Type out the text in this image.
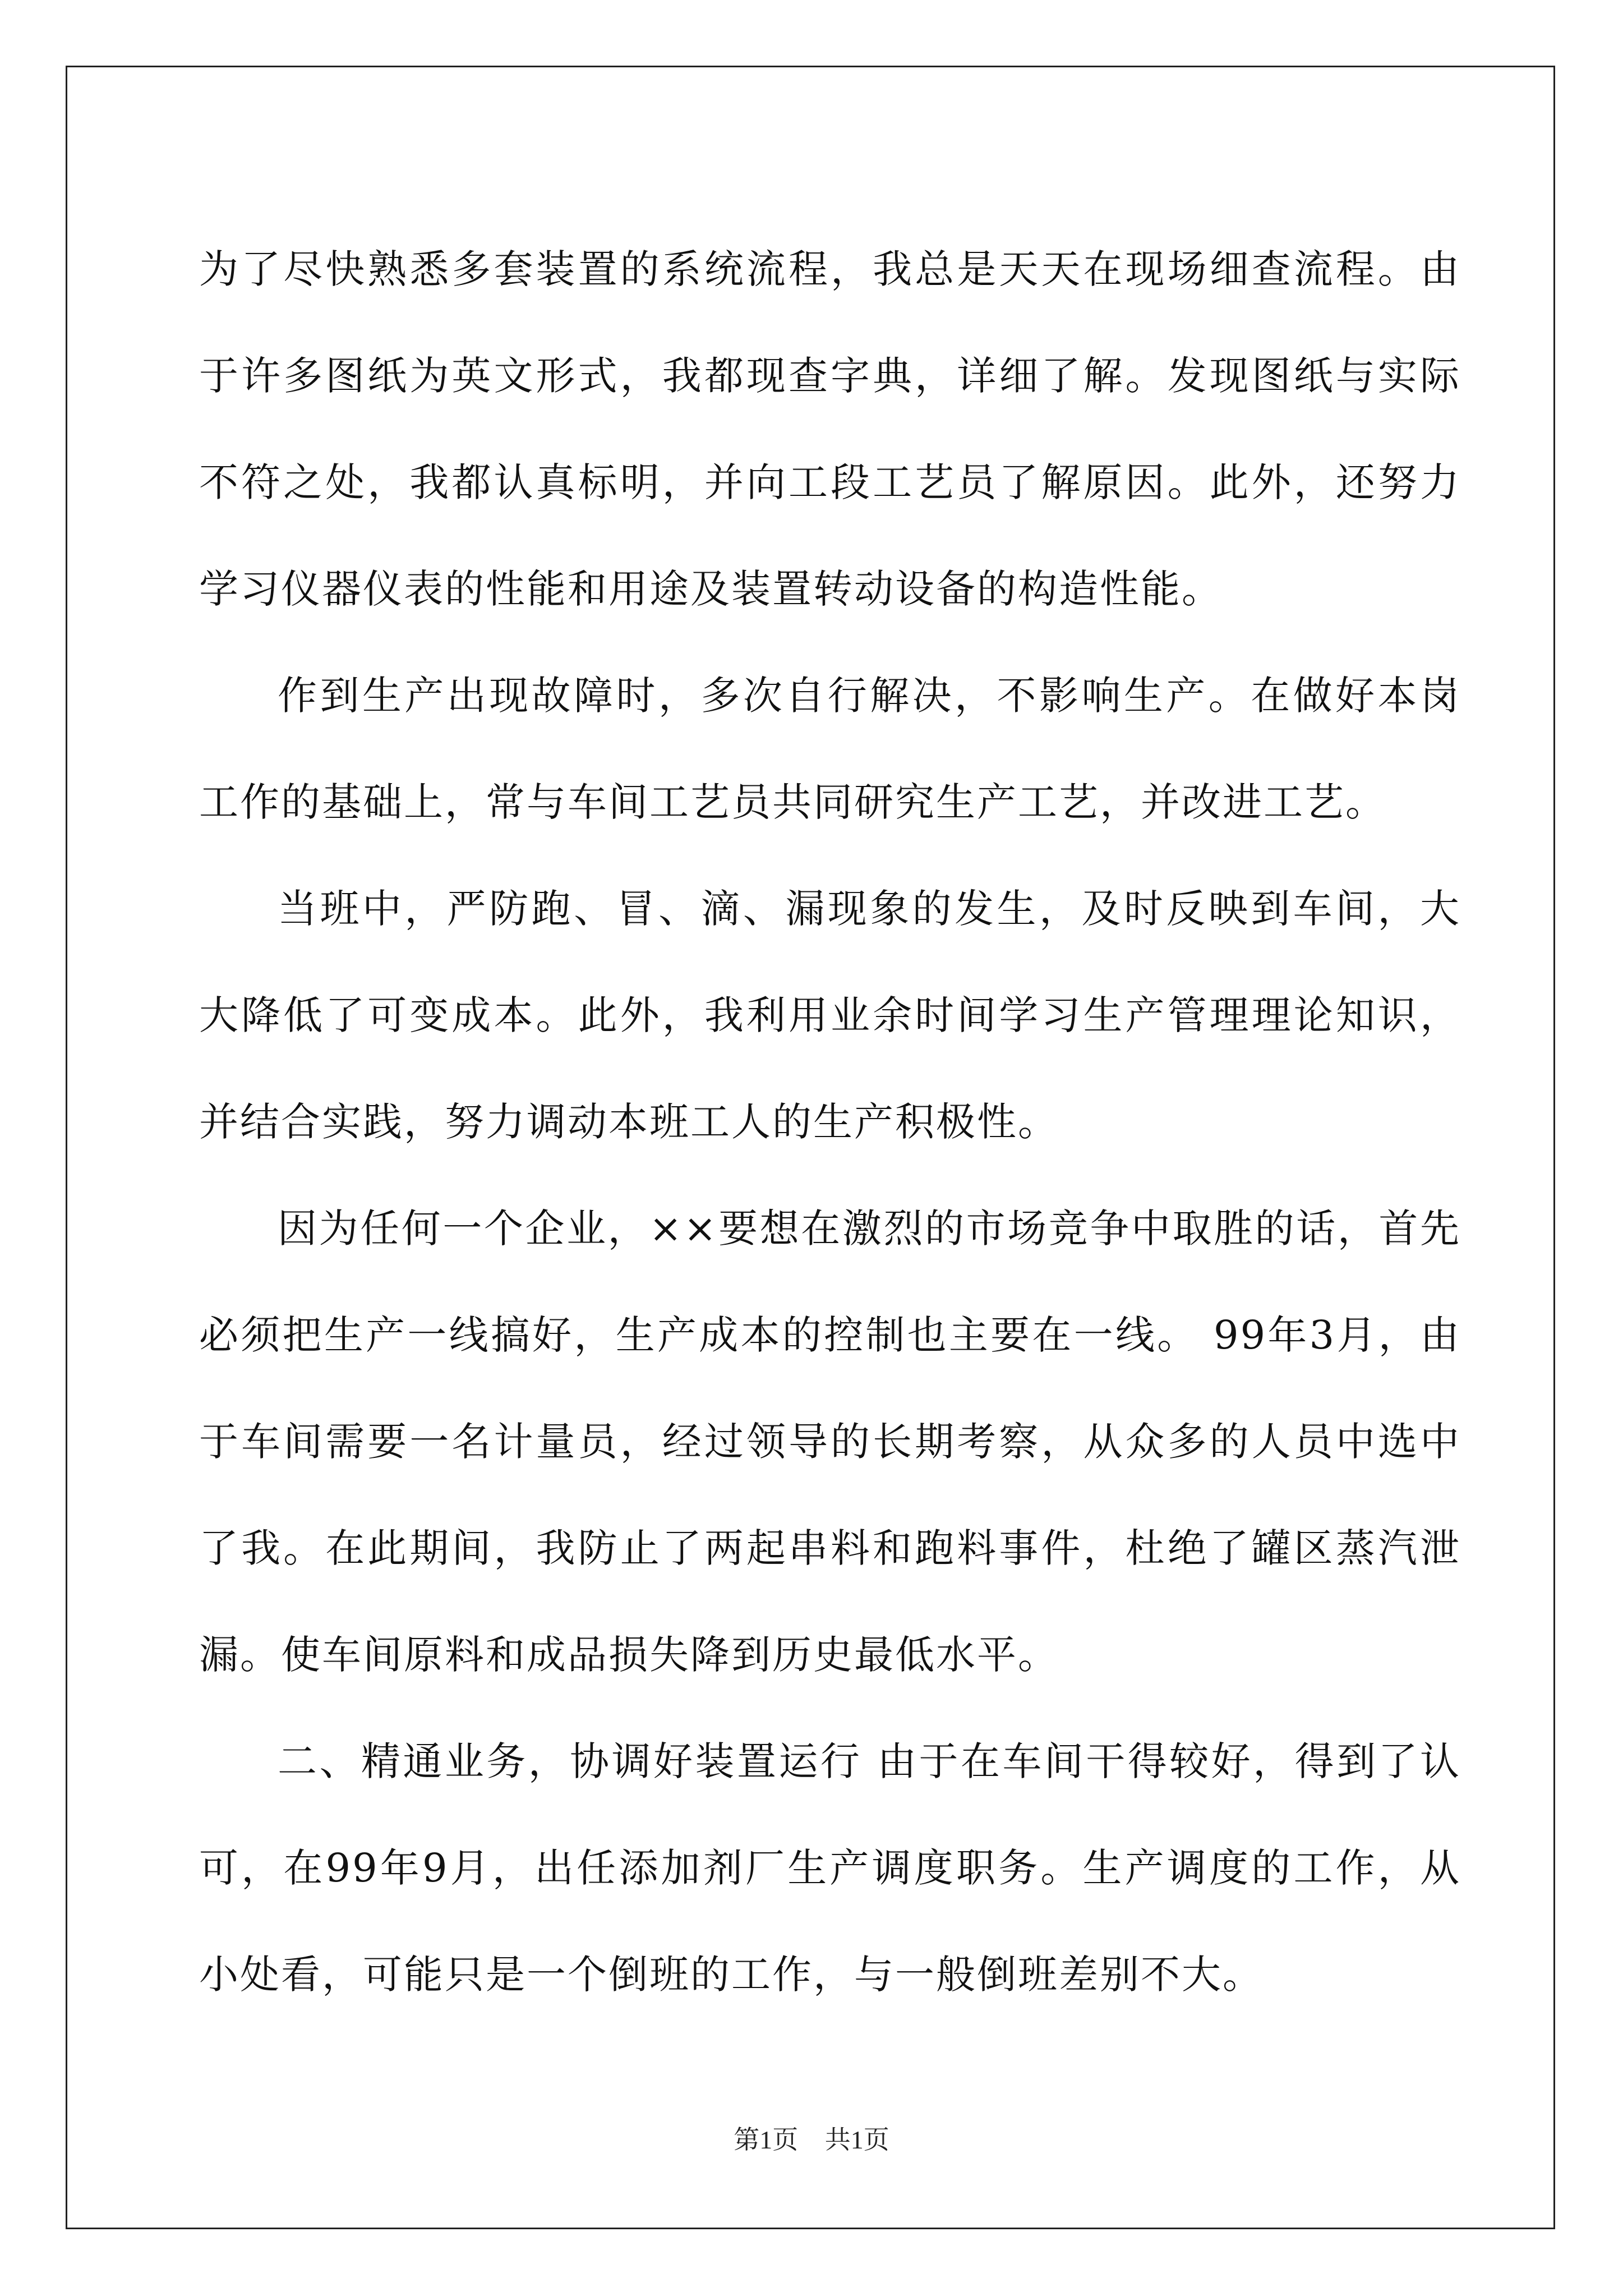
为了尽快熟悉多套装置的系统流程，我总是天天在现场细查流程。由于许多图纸为英文形式，我都现查字典，详细了解。发现图纸与实际不符之处，我都认真标明，并向工段工艺员了解原因。此外，还努力学习仪器仪表的性能和用途及装置转动设备的构造性能。

作到生产出现故障时，多次自行解决，不影响生产。在做好本岗工作的基础上，常与车间工艺员共同研究生产工艺，并改进工艺。

当班中，严防跑、冒、滴、漏现象的发生，及时反映到车间，大大降低了可变成本。此外，我利用业余时间学习生产管理理论知识，并结合实践，努力调动本班工人的生产积极性。

因为任何一个企业，××要想在激烈的市场竞争中取胜的话，首先必须把生产一线搞好，生产成本的控制也主要在一线。 99年3月，由于车间需要一名计量员，经过领导的长期考察，从众多的人员中选中了我。在此期间，我防止了两起串料和跑料事件，杜绝了罐区蒸汽泄漏。使车间原料和成品损失降到历史最低水平。

二、精通业务，协调好装置运行 由于在车间干得较好，得到了认可，在99年9月，出任添加剂厂生产调度职务。生产调度的工作，从小处看，可能只是一个倒班的工作，与一般倒班差别不大。

第1页 共1页
